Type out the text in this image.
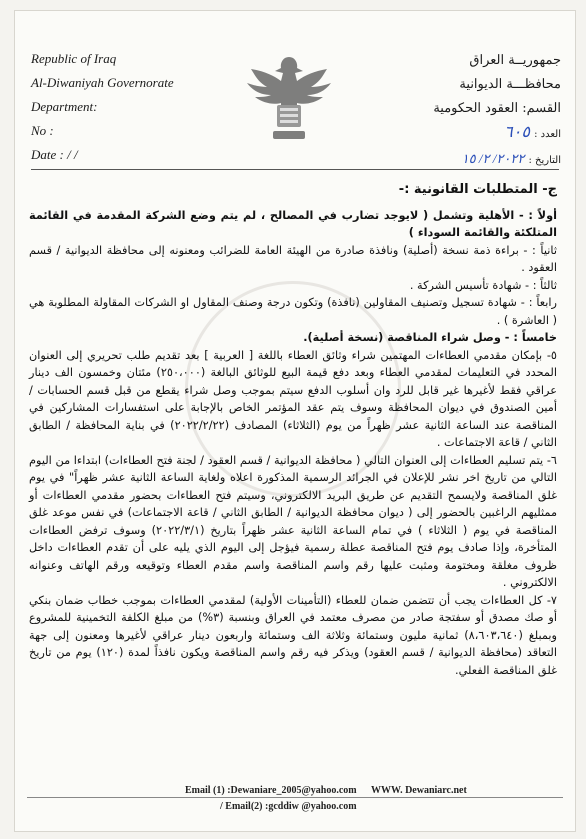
Republic of Iraq
Al-Diwaniyah Governorate
Department:
No :
Date : / /
جمهوريــة العراق
محافظـــة الديوانية
القسم: العقود الحكومية
العدد : ٦٠٥
التاريخ : ٢٠٢٢/ ٢/ ١٥

ج- المتطلبات القانونية :-

أولاً : - الأهلية وتشمل ( لايوجد تضارب في المصالح ، لم يتم وضع الشركة المقدمة في القائمة المتلكئة والقائمة السوداء )

ثانياً : - براءة ذمة نسخة (أصلية) ونافذة صادرة من الهيئة العامة للضرائب ومعنونه إلى محافظة الديوانية / قسم العقود .

ثالثاً : - شهادة تأسيس الشركة .

رابعاً : - شهادة تسجيل وتصنيف المقاولين (نافذة) وتكون درجة وصنف المقاول او الشركات المقاولة المطلوبة هي ( العاشرة ) .

خامساً : - وصل شراء المناقصة (نسخة أصلية).

٥- بإمكان مقدمي العطاءات المهتمين شراء وثائق العطاء باللغة [ العربية ] بعد تقديم طلب تحريري إلى العنوان المحدد في التعليمات لمقدمي العطاء وبعد دفع قيمة البيع للوثائق البالغة (٢٥٠،٠٠٠) مئتان وخمسون الف دينار عراقي فقط لأغيرها غير قابل للرد وان أسلوب الدفع سيتم بموجب وصل شراء يقطع من قبل قسم الحسابات / أمين الصندوق في ديوان المحافظة وسوف يتم عقد المؤتمر الخاص بالإجابة على استفسارات المشاركين في المناقصة عند الساعة الثانية عشر ظهراً من يوم (الثلاثاء) المصادف (٢٠٢٢/٢/٢٢) في بناية المحافظة / الطابق الثاني / قاعة الاجتماعات .

٦- يتم تسليم العطاءات إلى العنوان التالي ( محافظة الديوانية / قسم العقود / لجنة فتح العطاءات) ابتداءا من اليوم التالي من تاريخ اخر نشر للإعلان في الجرائد الرسمية المذكورة اعلاه ولغاية الساعة الثانية عشر ظهراً" في يوم غلق المناقصة ولايسمح التقديم عن طريق البريد الالكتروني، وسيتم فتح العطاءات بحضور مقدمي العطاءات أو ممثليهم الراغبين بالحضور إلى ( ديوان محافظة الديوانية / الطابق الثاني / قاعة الاجتماعات) في نفس موعد غلق المناقصة في يوم ( الثلاثاء ) في تمام الساعة الثانية عشر ظهراً بتاريخ (٢٠٢٢/٣/١) وسوف ترفض العطاءات المتأخرة، وإذا صادف يوم فتح المناقصة عطلة رسمية فيؤجل إلى اليوم الذي يليه على أن تقدم العطاءات داخل ظروف مغلقة ومختومة ومثبت عليها رقم واسم المناقصة واسم مقدم العطاء وتوقيعه ورقم الهاتف وعنوانه الالكتروني .

٧- كل العطاءات يجب أن تتضمن ضمان للعطاء (التأمينات الأولية) لمقدمي العطاءات بموجب خطاب ضمان بنكي أو صك مصدق أو سفتجة صادر من مصرف معتمد في العراق وبنسبة (٣%) من مبلغ الكلفة التخمينية للمشروع وبمبلغ (٨،٦٠٣،٦٤٠) ثمانية مليون وستمائة وثلاثة الف وستمائة واربعون دينار عراقي لأغيرها ومعنون إلى جهة التعاقد (محافظة الديوانية / قسم العقود) ويذكر فيه رقم واسم المناقصة ويكون نافذاً لمدة (١٢٠) يوم من تاريخ غلق المناقصة الفعلي.

Email (1) :Dewaniare_2005@yahoo.com WWW. Dewaniarc.net
/ Email(2) :gcddiw @yahoo.com
